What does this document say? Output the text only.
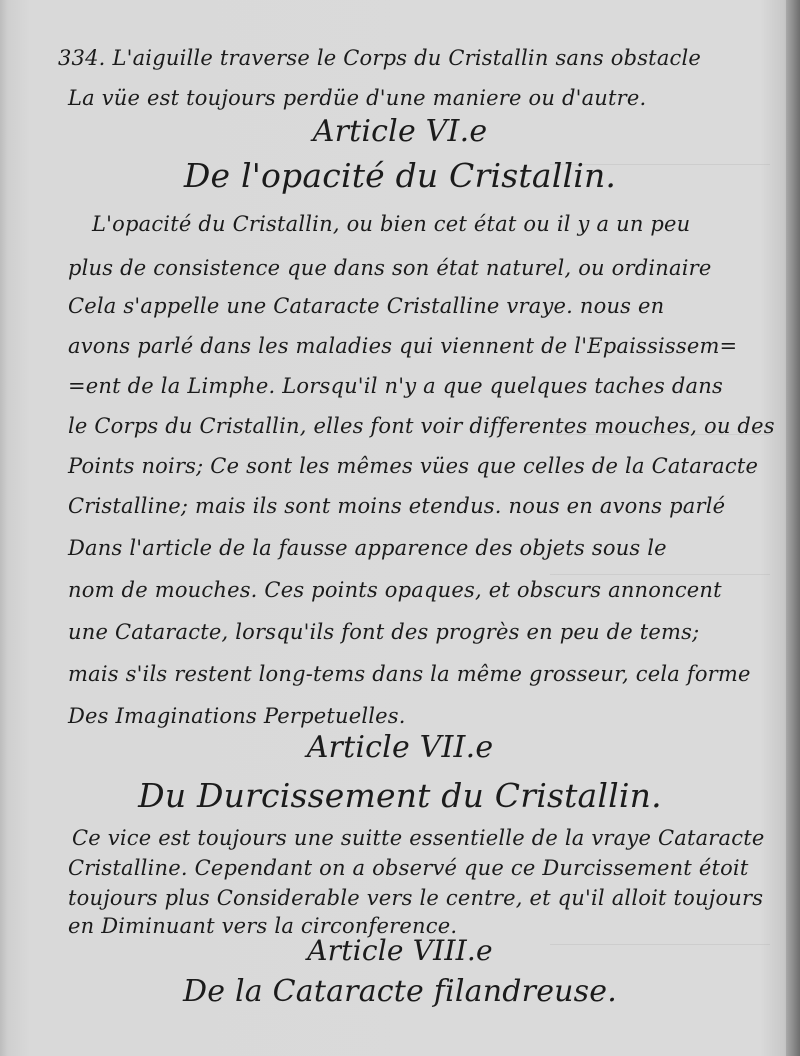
334. L'aiguille traverse le Corps du Cristallin sans obstacle
La vüe est toujours perdüe d'une maniere ou d'autre.
Article VI.e
De l'opacité du Cristallin.
L'opacité du Cristallin, ou bien cet état ou il y a un peu
plus de consistence que dans son état naturel, ou ordinaire
Cela s'appelle une Cataracte Cristalline vraye. nous en
avons parlé dans les maladies qui viennent de l'Epaississem=
=ent de la Limphe. Lorsqu'il n'y a que quelques taches dans
le Corps du Cristallin, elles font voir differentes mouches, ou des
Points noirs; Ce sont les mêmes vües que celles de la Cataracte
Cristalline; mais ils sont moins etendus. nous en avons parlé
Dans l'article de la fausse apparence des objets sous le
nom de mouches. Ces points opaques, et obscurs annoncent
une Cataracte, lorsqu'ils font des progrès en peu de tems;
mais s'ils restent long-tems dans la même grosseur, cela forme
Des Imaginations Perpetuelles.
Article VII.e
Du Durcissement du Cristallin.
Ce vice est toujours une suitte essentielle de la vraye Cataracte
Cristalline. Cependant on a observé que ce Durcissement étoit
toujours plus Considerable vers le centre, et qu'il alloit toujours
en Diminuant vers la circonference.
Article VIII.e
De la Cataracte filandreuse.
